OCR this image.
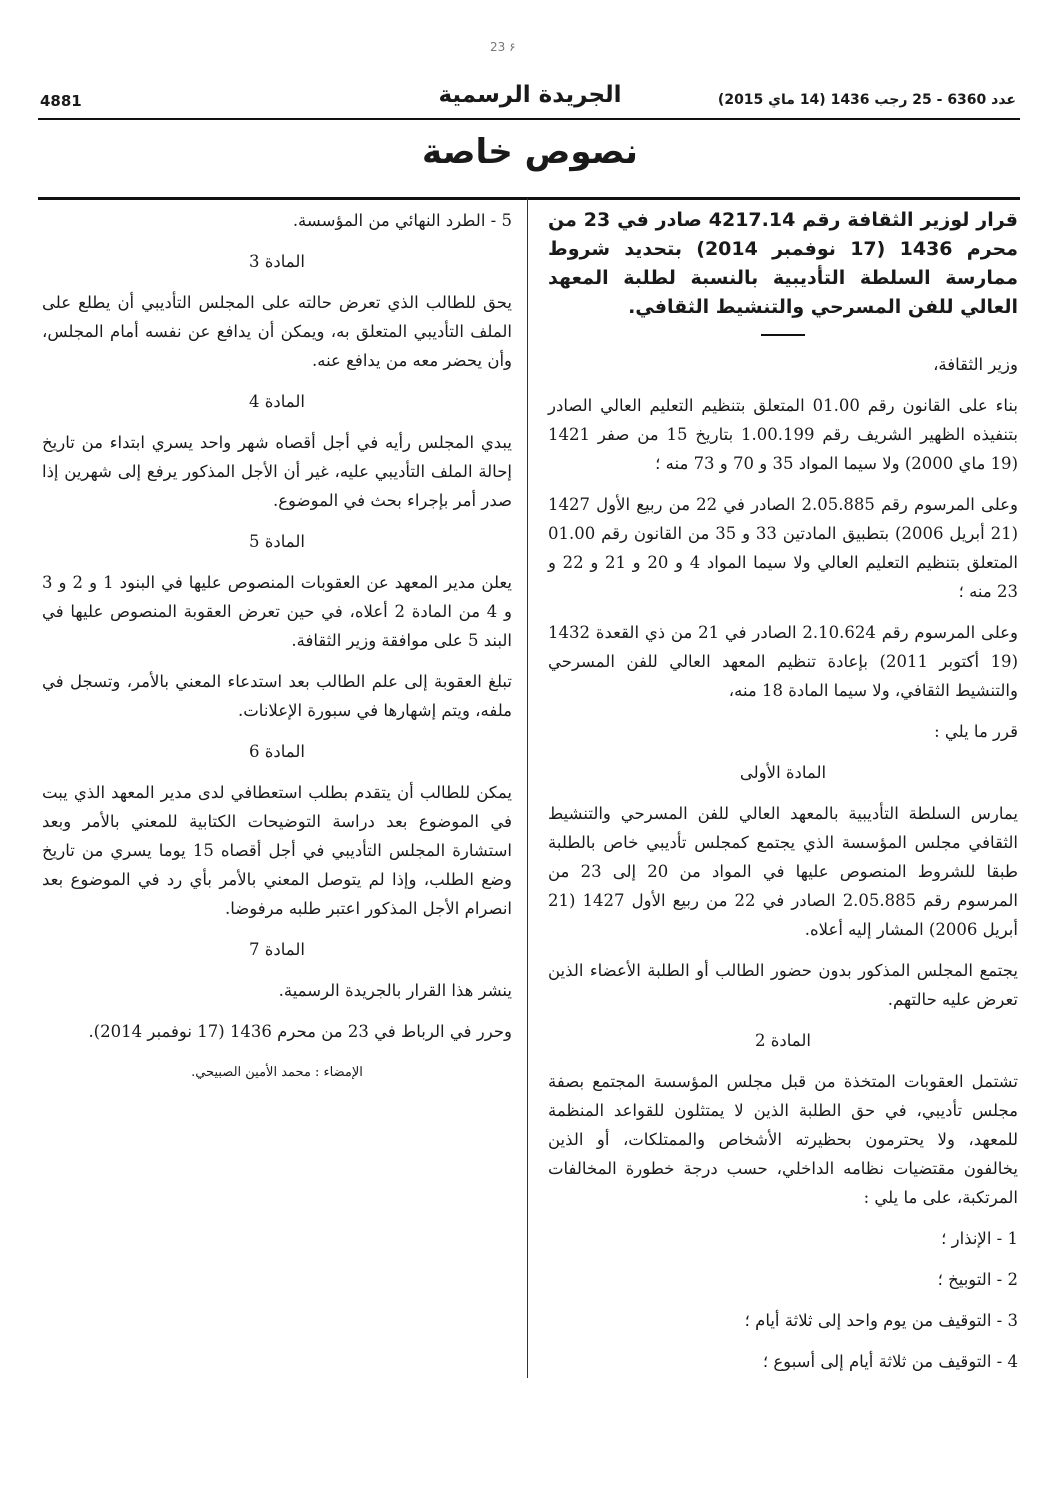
23 ۶
4881	الجريدة الرسمية	عدد 6360 - 25 رجب 1436 (14 ماي 2015)
نصوص خاصة

قرار لوزير الثقافة رقم 4217.14 صادر في 23 من محرم 1436 (17 نوفمبر 2014) بتحديد شروط ممارسة السلطة التأديبية بالنسبة لطلبة المعهد العالي للفن المسرحي والتنشيط الثقافي.

وزير الثقافة،

بناء على القانون رقم 01.00 المتعلق بتنظيم التعليم العالي الصادر بتنفيذه الظهير الشريف رقم 1.00.199 بتاريخ 15 من صفر 1421 (19 ماي 2000) ولا سيما المواد 35 و 70 و 73 منه ؛

وعلى المرسوم رقم 2.05.885 الصادر في 22 من ربيع الأول 1427 (21 أبريل 2006) بتطبيق المادتين 33 و 35 من القانون رقم 01.00 المتعلق بتنظيم التعليم العالي ولا سيما المواد 4 و 20 و 21 و 22 و 23 منه ؛

وعلى المرسوم رقم 2.10.624 الصادر في 21 من ذي القعدة 1432 (19 أكتوبر 2011) بإعادة تنظيم المعهد العالي للفن المسرحي والتنشيط الثقافي، ولا سيما المادة 18 منه،

قرر ما يلي :

المادة الأولى

يمارس السلطة التأديبية بالمعهد العالي للفن المسرحي والتنشيط الثقافي مجلس المؤسسة الذي يجتمع كمجلس تأديبي خاص بالطلبة طبقا للشروط المنصوص عليها في المواد من 20 إلى 23 من المرسوم رقم 2.05.885 الصادر في 22 من ربيع الأول 1427 (21 أبريل 2006) المشار إليه أعلاه.

يجتمع المجلس المذكور بدون حضور الطالب أو الطلبة الأعضاء الذين تعرض عليه حالتهم.

المادة 2

تشتمل العقوبات المتخذة من قبل مجلس المؤسسة المجتمع بصفة مجلس تأديبي، في حق الطلبة الذين لا يمتثلون للقواعد المنظمة للمعهد، ولا يحترمون بحظيرته الأشخاص والممتلكات، أو الذين يخالفون مقتضيات نظامه الداخلي، حسب درجة خطورة المخالفات المرتكبة، على ما يلي :

1 - الإنذار ؛

2 - التوبيخ ؛

3 - التوقيف من يوم واحد إلى ثلاثة أيام ؛

4 - التوقيف من ثلاثة أيام إلى أسبوع ؛

5 - الطرد النهائي من المؤسسة.

المادة 3

يحق للطالب الذي تعرض حالته على المجلس التأديبي أن يطلع على الملف التأديبي المتعلق به، ويمكن أن يدافع عن نفسه أمام المجلس، وأن يحضر معه من يدافع عنه.

المادة 4

يبدي المجلس رأيه في أجل أقصاه شهر واحد يسري ابتداء من تاريخ إحالة الملف التأديبي عليه، غير أن الأجل المذكور يرفع إلى شهرين إذا صدر أمر بإجراء بحث في الموضوع.

المادة 5

يعلن مدير المعهد عن العقوبات المنصوص عليها في البنود 1 و 2 و 3 و 4 من المادة 2 أعلاه، في حين تعرض العقوبة المنصوص عليها في البند 5 على موافقة وزير الثقافة.

تبلغ العقوبة إلى علم الطالب بعد استدعاء المعني بالأمر، وتسجل في ملفه، ويتم إشهارها في سبورة الإعلانات.

المادة 6

يمكن للطالب أن يتقدم بطلب استعطافي لدى مدير المعهد الذي يبت في الموضوع بعد دراسة التوضيحات الكتابية للمعني بالأمر وبعد استشارة المجلس التأديبي في أجل أقصاه 15 يوما يسري من تاريخ وضع الطلب، وإذا لم يتوصل المعني بالأمر بأي رد في الموضوع بعد انصرام الأجل المذكور اعتبر طلبه مرفوضا.

المادة 7

ينشر هذا القرار بالجريدة الرسمية.

وحرر في الرباط في 23 من محرم 1436 (17 نوفمبر 2014).

الإمضاء : محمد الأمين الصبيحي.
